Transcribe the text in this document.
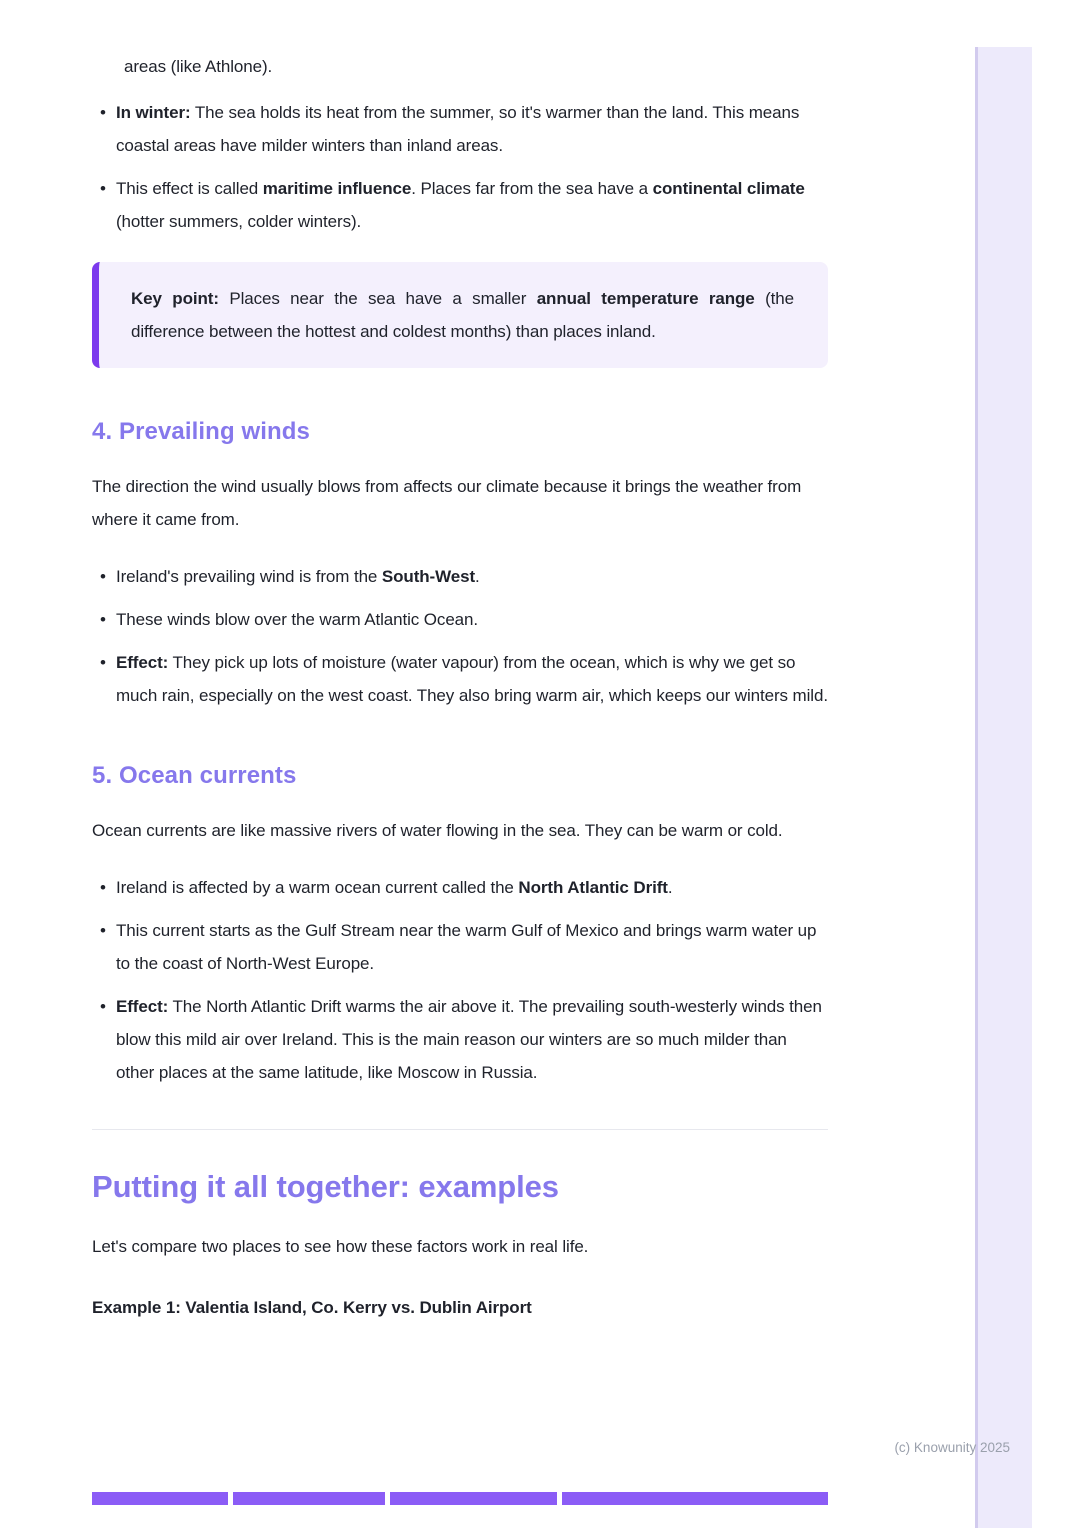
areas (like Athlone).
• In winter: The sea holds its heat from the summer, so it's warmer than the land. This means coastal areas have milder winters than inland areas.
• This effect is called maritime influence. Places far from the sea have a continental climate (hotter summers, colder winters).
Key point: Places near the sea have a smaller annual temperature range (the difference between the hottest and coldest months) than places inland.
4. Prevailing winds

The direction the wind usually blows from affects our climate because it brings the weather from where it came from.

• Ireland's prevailing wind is from the South-West.
• These winds blow over the warm Atlantic Ocean.
• Effect: They pick up lots of moisture (water vapour) from the ocean, which is why we get so much rain, especially on the west coast. They also bring warm air, which keeps our winters mild.
5. Ocean currents

Ocean currents are like massive rivers of water flowing in the sea. They can be warm or cold.

• Ireland is affected by a warm ocean current called the North Atlantic Drift.
• This current starts as the Gulf Stream near the warm Gulf of Mexico and brings warm water up to the coast of North-West Europe.
• Effect: The North Atlantic Drift warms the air above it. The prevailing south-westerly winds then blow this mild air over Ireland. This is the main reason our winters are so much milder than other places at the same latitude, like Moscow in Russia.
Putting it all together: examples

Let's compare two places to see how these factors work in real life.

Example 1: Valentia Island, Co. Kerry vs. Dublin Airport

(c) Knowunity 2025
